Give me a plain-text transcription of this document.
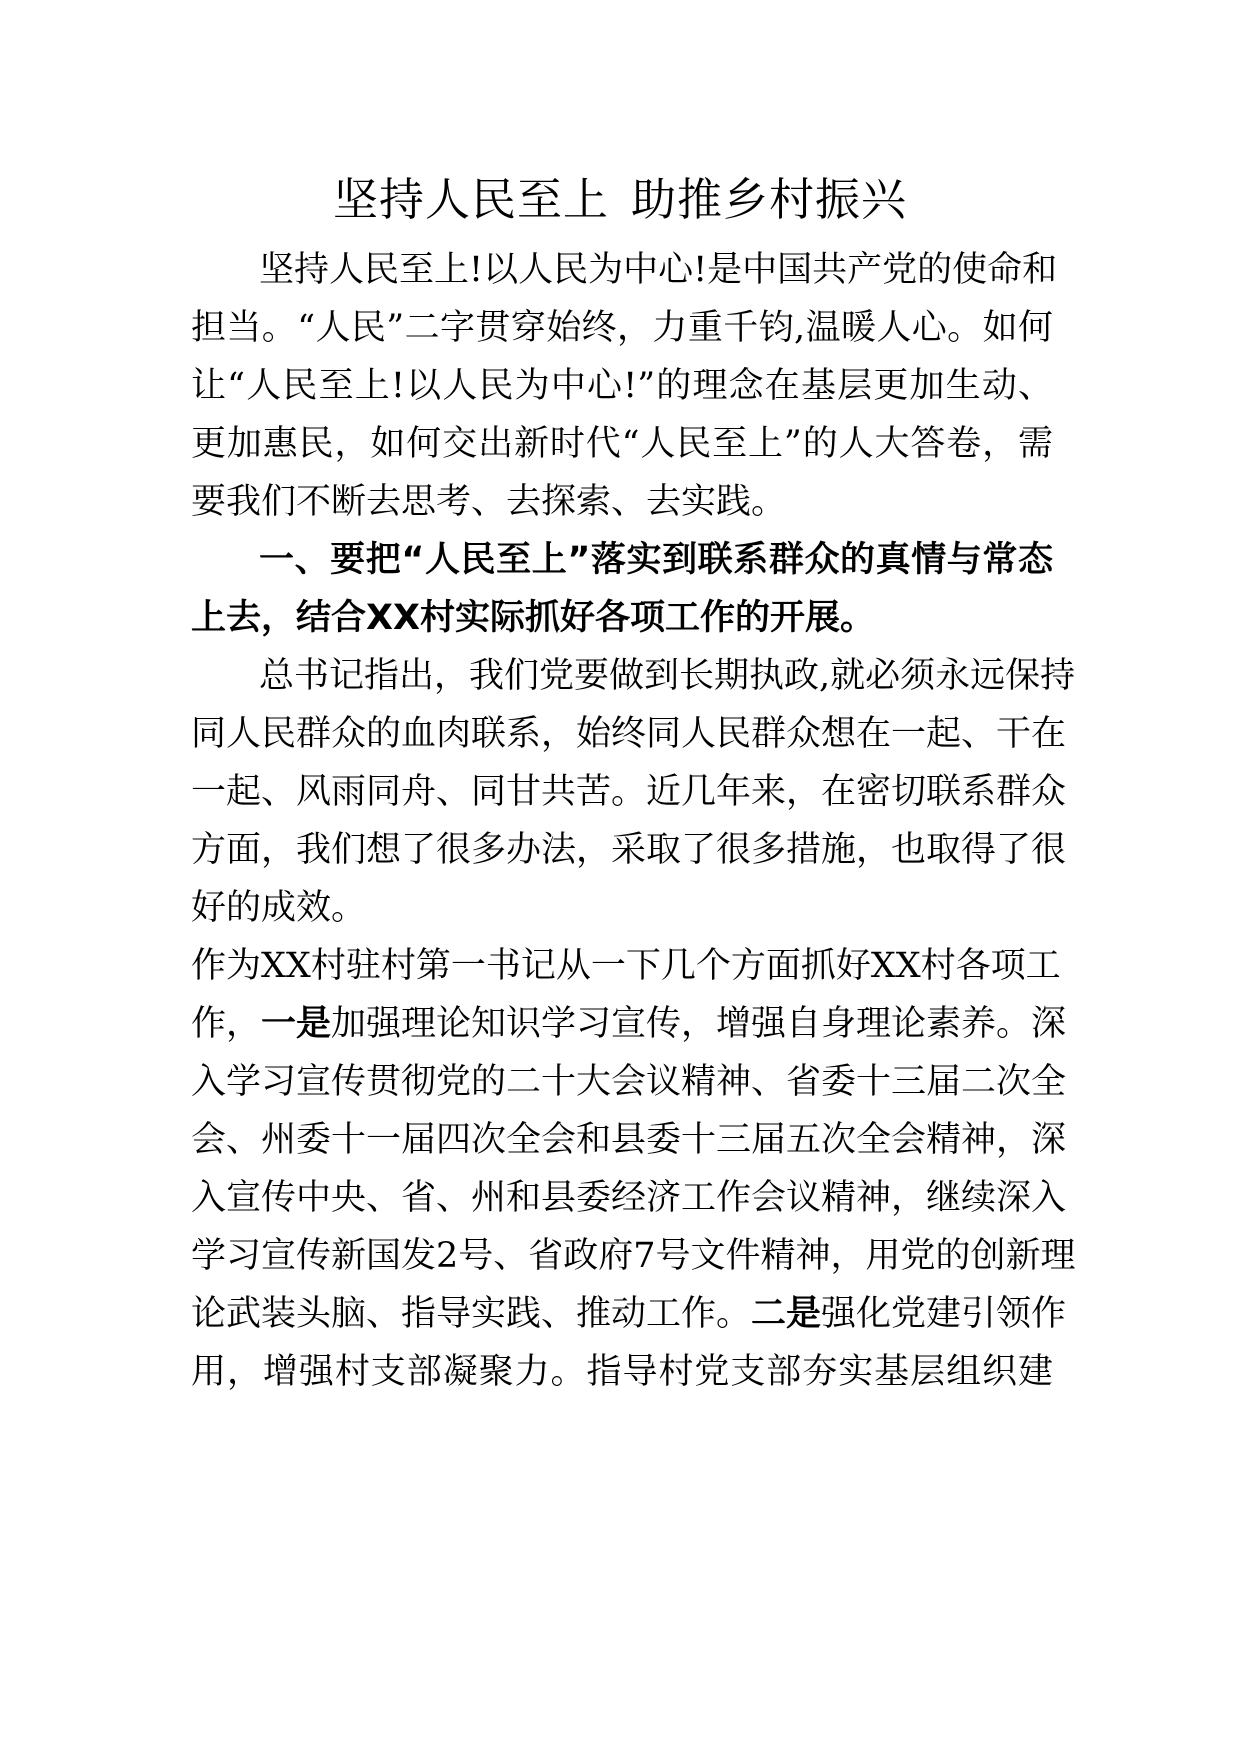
坚持人民至上 助推乡村振兴
坚持人民至上!以人民为中心!是中国共产党的使命和
担当。“人民”二字贯穿始终，力重千钧,温暖人心。如何
让“人民至上!以人民为中心!”的理念在基层更加生动、
更加惠民，如何交出新时代“人民至上”的人大答卷，需
要我们不断去思考、去探索、去实践。
一、要把“人民至上”落实到联系群众的真情与常态
上去，结合XX村实际抓好各项工作的开展。
总书记指出，我们党要做到长期执政,就必须永远保持
同人民群众的血肉联系，始终同人民群众想在一起、干在
一起、风雨同舟、同甘共苦。近几年来，在密切联系群众
方面，我们想了很多办法，采取了很多措施，也取得了很
好的成效。
作为XX村驻村第一书记从一下几个方面抓好XX村各项工
作，一是加强理论知识学习宣传，增强自身理论素养。深
入学习宣传贯彻党的二十大会议精神、省委十三届二次全
会、州委十一届四次全会和县委十三届五次全会精神，深
入宣传中央、省、州和县委经济工作会议精神，继续深入
学习宣传新国发2号、省政府7号文件精神，用党的创新理
论武装头脑、指导实践、推动工作。二是强化党建引领作
用，增强村支部凝聚力。指导村党支部夯实基层组织建
